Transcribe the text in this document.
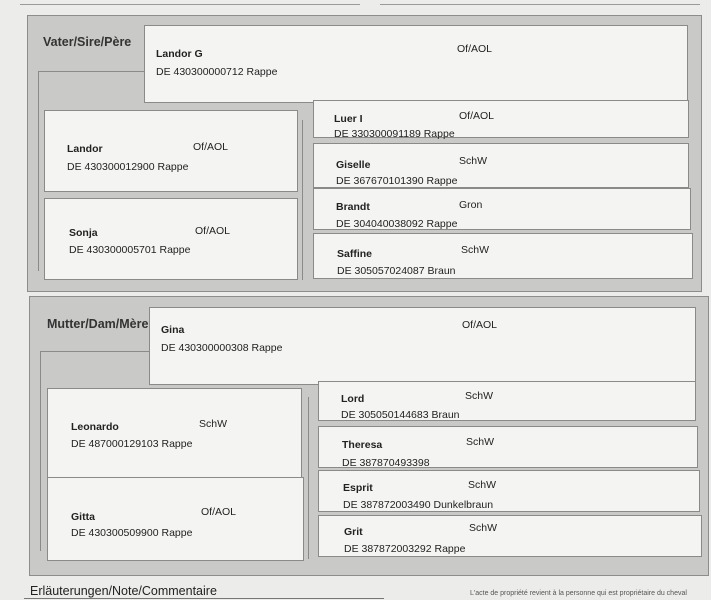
Vater/Sire/Père
Landor G	Of/AOL
DE 430300000712 Rappe
Landor	Of/AOL
DE 430300012900 Rappe
Sonja	Of/AOL
DE 430300005701 Rappe
Luer I	Of/AOL
DE 330300091189 Rappe
Giselle	SchW
DE 367670101390 Rappe
Brandt	Gron
DE 304040038092 Rappe
Saffine	SchW
DE 305057024087 Braun
Mutter/Dam/Mère Gina	Of/AOL
DE 430300000308 Rappe
Leonardo	SchW
DE 487000129103 Rappe
Gitta	Of/AOL
DE 430300509900 Rappe
Lord	SchW
DE 305050144683 Braun
Theresa	SchW
DE 387870493398
Esprit	SchW
DE 387872003490 Dunkelbraun
Grit	SchW
DE 387872003292 Rappe
Erläuterungen/Note/Commentaire	L'acte de propriété revient à la personne qui est propriétaire du cheval
